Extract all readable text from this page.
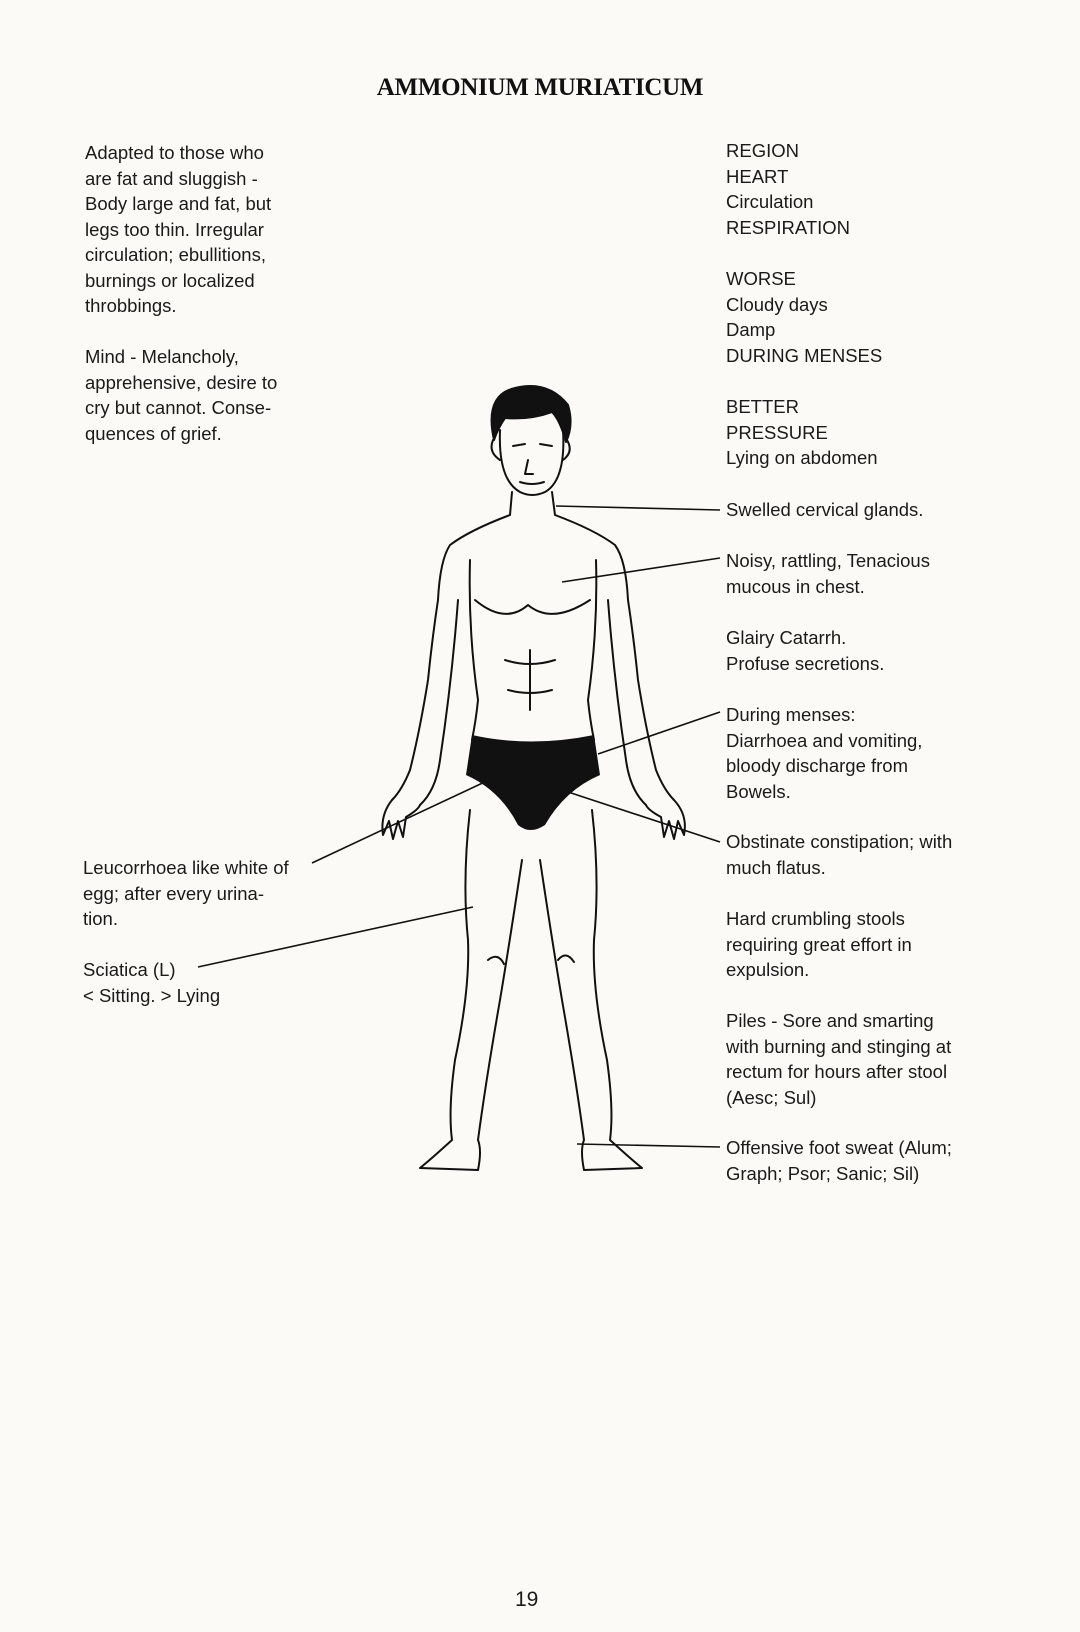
AMMONIUM MURIATICUM
Adapted to those who
are fat and sluggish -
Body large and fat, but
legs too thin. Irregular
circulation; ebullitions,
burnings or localized
throbbings.
Mind - Melancholy,
apprehensive, desire to
cry but cannot. Conse-
quences of grief.
Leucorrhoea like white of
egg; after every urina-
tion.
Sciatica (L)
< Sitting. > Lying
REGION
HEART
Circulation
RESPIRATION
WORSE
Cloudy days
Damp
DURING MENSES
BETTER
PRESSURE
Lying on abdomen
Swelled cervical glands.
Noisy, rattling, Tenacious
mucous in chest.
Glairy Catarrh.
Profuse secretions.
During menses:
Diarrhoea and vomiting,
bloody discharge from
Bowels.
Obstinate constipation; with
much flatus.
Hard crumbling stools
requiring great effort in
expulsion.
Piles - Sore and smarting
with burning and stinging at
rectum for hours after stool
(Aesc; Sul)
Offensive foot sweat (Alum;
Graph; Psor; Sanic; Sil)
19
